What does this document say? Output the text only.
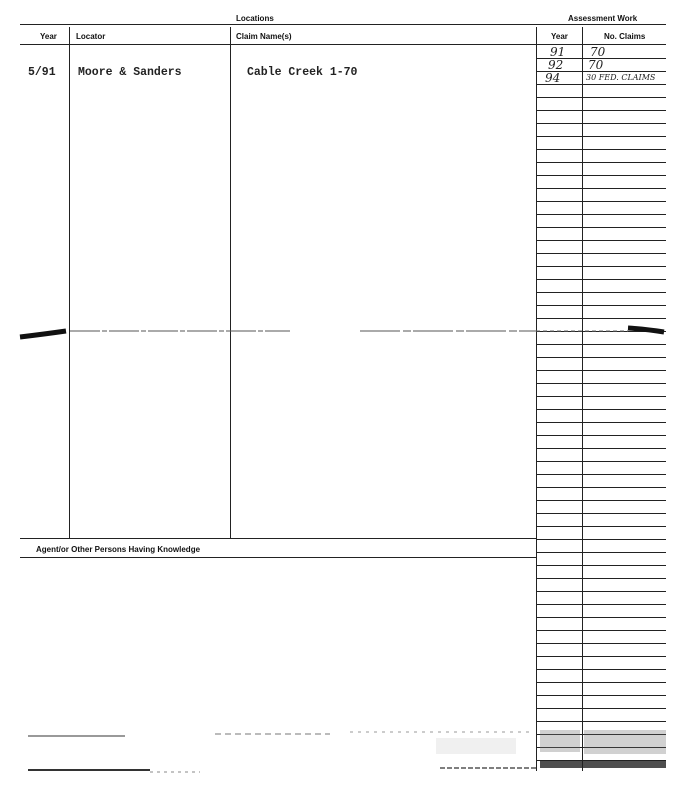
Locations	Assessment Work
Year Locator	Claim Name(s)	Year	No. Claims
5/91 Moore & Sanders	Cable Creek 1-70
91 70
92 70
94	30 FED. CLAIMS
Agent/or Other Persons Having Knowledge
